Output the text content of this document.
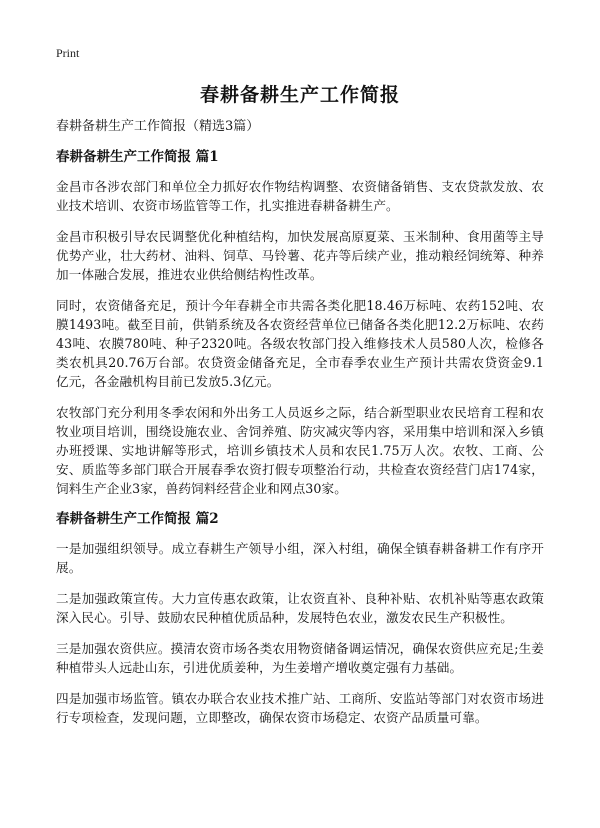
Print
春耕备耕生产工作简报
春耕备耕生产工作简报（精选3篇）
春耕备耕生产工作简报 篇1

金昌市各涉农部门和单位全力抓好农作物结构调整、农资储备销售、支农贷款发放、农业技术培训、农资市场监管等工作，扎实推进春耕备耕生产。

金昌市积极引导农民调整优化种植结构，加快发展高原夏菜、玉米制种、食用菌等主导优势产业，壮大药材、油料、饲草、马铃薯、花卉等后续产业，推动粮经饲统筹、种养加一体融合发展，推进农业供给侧结构性改革。

同时，农资储备充足，预计今年春耕全市共需各类化肥18.46万标吨、农药152吨、农膜1493吨。截至目前，供销系统及各农资经营单位已储备各类化肥12.2万标吨、农药43吨、农膜780吨、种子2320吨。各级农牧部门投入维修技术人员580人次，检修各类农机具20.76万台部。农贷资金储备充足，全市春季农业生产预计共需农贷资金9.1亿元，各金融机构目前已发放5.3亿元。

农牧部门充分利用冬季农闲和外出务工人员返乡之际，结合新型职业农民培育工程和农牧业项目培训，围绕设施农业、舍饲养殖、防灾减灾等内容，采用集中培训和深入乡镇办班授课、实地讲解等形式，培训乡镇技术人员和农民1.75万人次。农牧、工商、公安、质监等多部门联合开展春季农资打假专项整治行动，共检查农资经营门店174家，饲料生产企业3家，兽药饲料经营企业和网点30家。

春耕备耕生产工作简报 篇2

一是加强组织领导。成立春耕生产领导小组，深入村组，确保全镇春耕备耕工作有序开展。

二是加强政策宣传。大力宣传惠农政策，让农资直补、良种补贴、农机补贴等惠农政策深入民心。引导、鼓励农民种植优质品种，发展特色农业，激发农民生产积极性。

三是加强农资供应。摸清农资市场各类农用物资储备调运情况，确保农资供应充足;生姜种植带头人远赴山东，引进优质姜种，为生姜增产增收奠定强有力基础。

四是加强市场监管。镇农办联合农业技术推广站、工商所、安监站等部门对农资市场进行专项检查，发现问题，立即整改，确保农资市场稳定、农资产品质量可靠。
